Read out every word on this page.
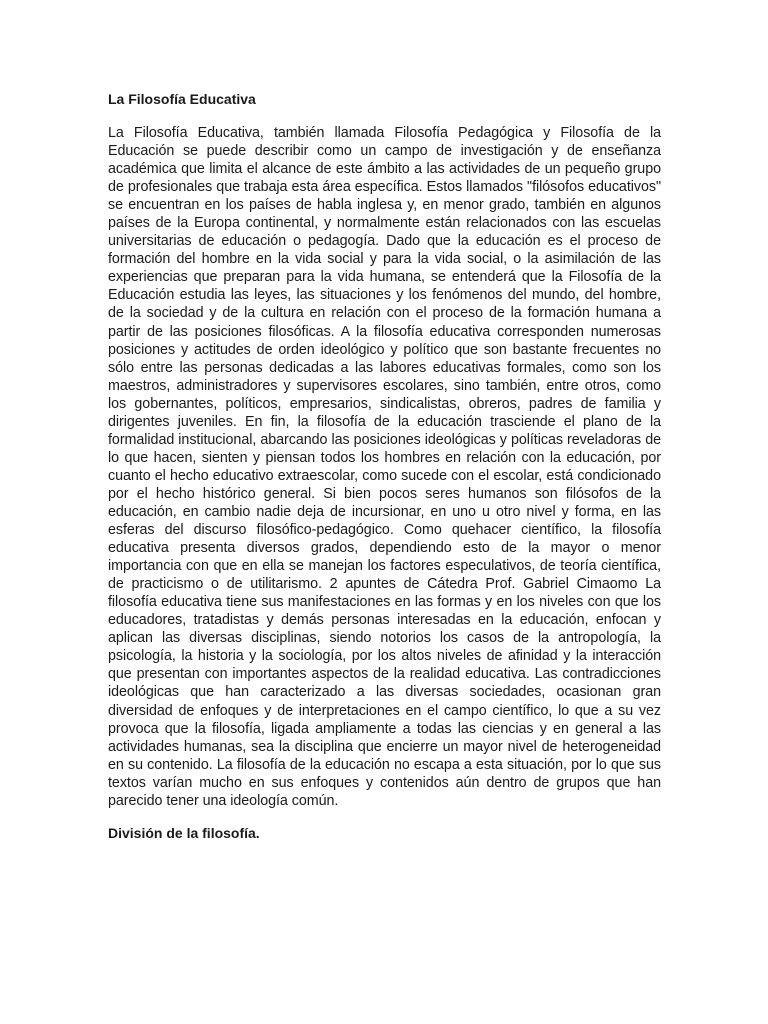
La Filosofía Educativa

La Filosofía Educativa, también llamada Filosofía Pedagógica y Filosofía de la Educación se puede describir como un campo de investigación y de enseñanza académica que limita el alcance de este ámbito a las actividades de un pequeño grupo de profesionales que trabaja esta área específica. Estos llamados "filósofos educativos" se encuentran en los países de habla inglesa y, en menor grado, también en algunos países de la Europa continental, y normalmente están relacionados con las escuelas universitarias de educación o pedagogía. Dado que la educación es el proceso de formación del hombre en la vida social y para la vida social, o la asimilación de las experiencias que preparan para la vida humana, se entenderá que la Filosofía de la Educación estudia las leyes, las situaciones y los fenómenos del mundo, del hombre, de la sociedad y de la cultura en relación con el proceso de la formación humana a partir de las posiciones filosóficas. A la filosofía educativa corresponden numerosas posiciones y actitudes de orden ideológico y político que son bastante frecuentes no sólo entre las personas dedicadas a las labores educativas formales, como son los maestros, administradores y supervisores escolares, sino también, entre otros, como los gobernantes, políticos, empresarios, sindicalistas, obreros, padres de familia y dirigentes juveniles. En fin, la filosofía de la educación trasciende el plano de la formalidad institucional, abarcando las posiciones ideológicas y políticas reveladoras de lo que hacen, sienten y piensan todos los hombres en relación con la educación, por cuanto el hecho educativo extraescolar, como sucede con el escolar, está condicionado por el hecho histórico general. Si bien pocos seres humanos son filósofos de la educación, en cambio nadie deja de incursionar, en uno u otro nivel y forma, en las esferas del discurso filosófico-pedagógico. Como quehacer científico, la filosofía educativa presenta diversos grados, dependiendo esto de la mayor o menor importancia con que en ella se manejan los factores especulativos, de teoría científica, de practicismo o de utilitarismo. 2 apuntes de Cátedra Prof. Gabriel Cimaomo La filosofía educativa tiene sus manifestaciones en las formas y en los niveles con que los educadores, tratadistas y demás personas interesadas en la educación, enfocan y aplican las diversas disciplinas, siendo notorios los casos de la antropología, la psicología, la historia y la sociología, por los altos niveles de afinidad y la interacción que presentan con importantes aspectos de la realidad educativa. Las contradicciones ideológicas que han caracterizado a las diversas sociedades, ocasionan gran diversidad de enfoques y de interpretaciones en el campo científico, lo que a su vez provoca que la filosofía, ligada ampliamente a todas las ciencias y en general a las actividades humanas, sea la disciplina que encierre un mayor nivel de heterogeneidad en su contenido. La filosofía de la educación no escapa a esta situación, por lo que sus textos varían mucho en sus enfoques y contenidos aún dentro de grupos que han parecido tener una ideología común.

División de la filosofía.
